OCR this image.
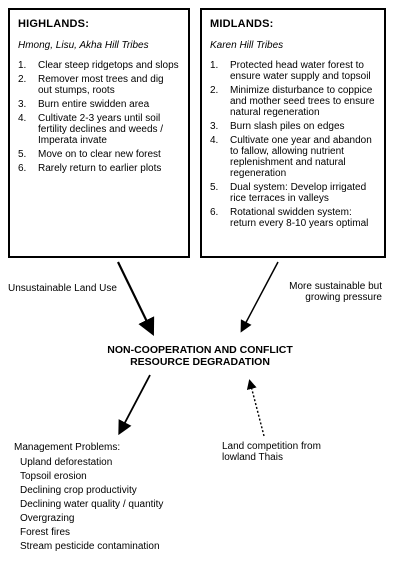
HIGHLANDS:
Hmong, Lisu, Akha Hill Tribes
1.	Clear steep ridgetops and slops
2.	Remover most trees and dig out stumps, roots
3.	Burn entire swidden area
4.	Cultivate 2-3 years until soil fertility declines and weeds / Imperata invate
5.	Move on to clear new forest
6.	Rarely return to earlier plots
MIDLANDS:
Karen Hill Tribes
1.	Protected head water forest to ensure water supply and topsoil
2.	Minimize disturbance to coppice and mother seed trees to ensure natural regeneration
3.	Burn slash piles on edges
4.	Cultivate one year and abandon to fallow, allowing nutrient replenishment and natural regeneration
5.	Dual system: Develop irrigated rice terraces in valleys
6.	Rotational swidden system: return every 8-10 years optimal
Unsustainable Land Use	More sustainable but growing pressure
NON-COOPERATION AND CONFLICT
RESOURCE DEGRADATION
Land competition from lowland Thais
Management Problems:
Upland deforestation
Topsoil erosion
Declining crop productivity
Declining water quality / quantity
Overgrazing
Forest fires
Stream pesticide contamination
